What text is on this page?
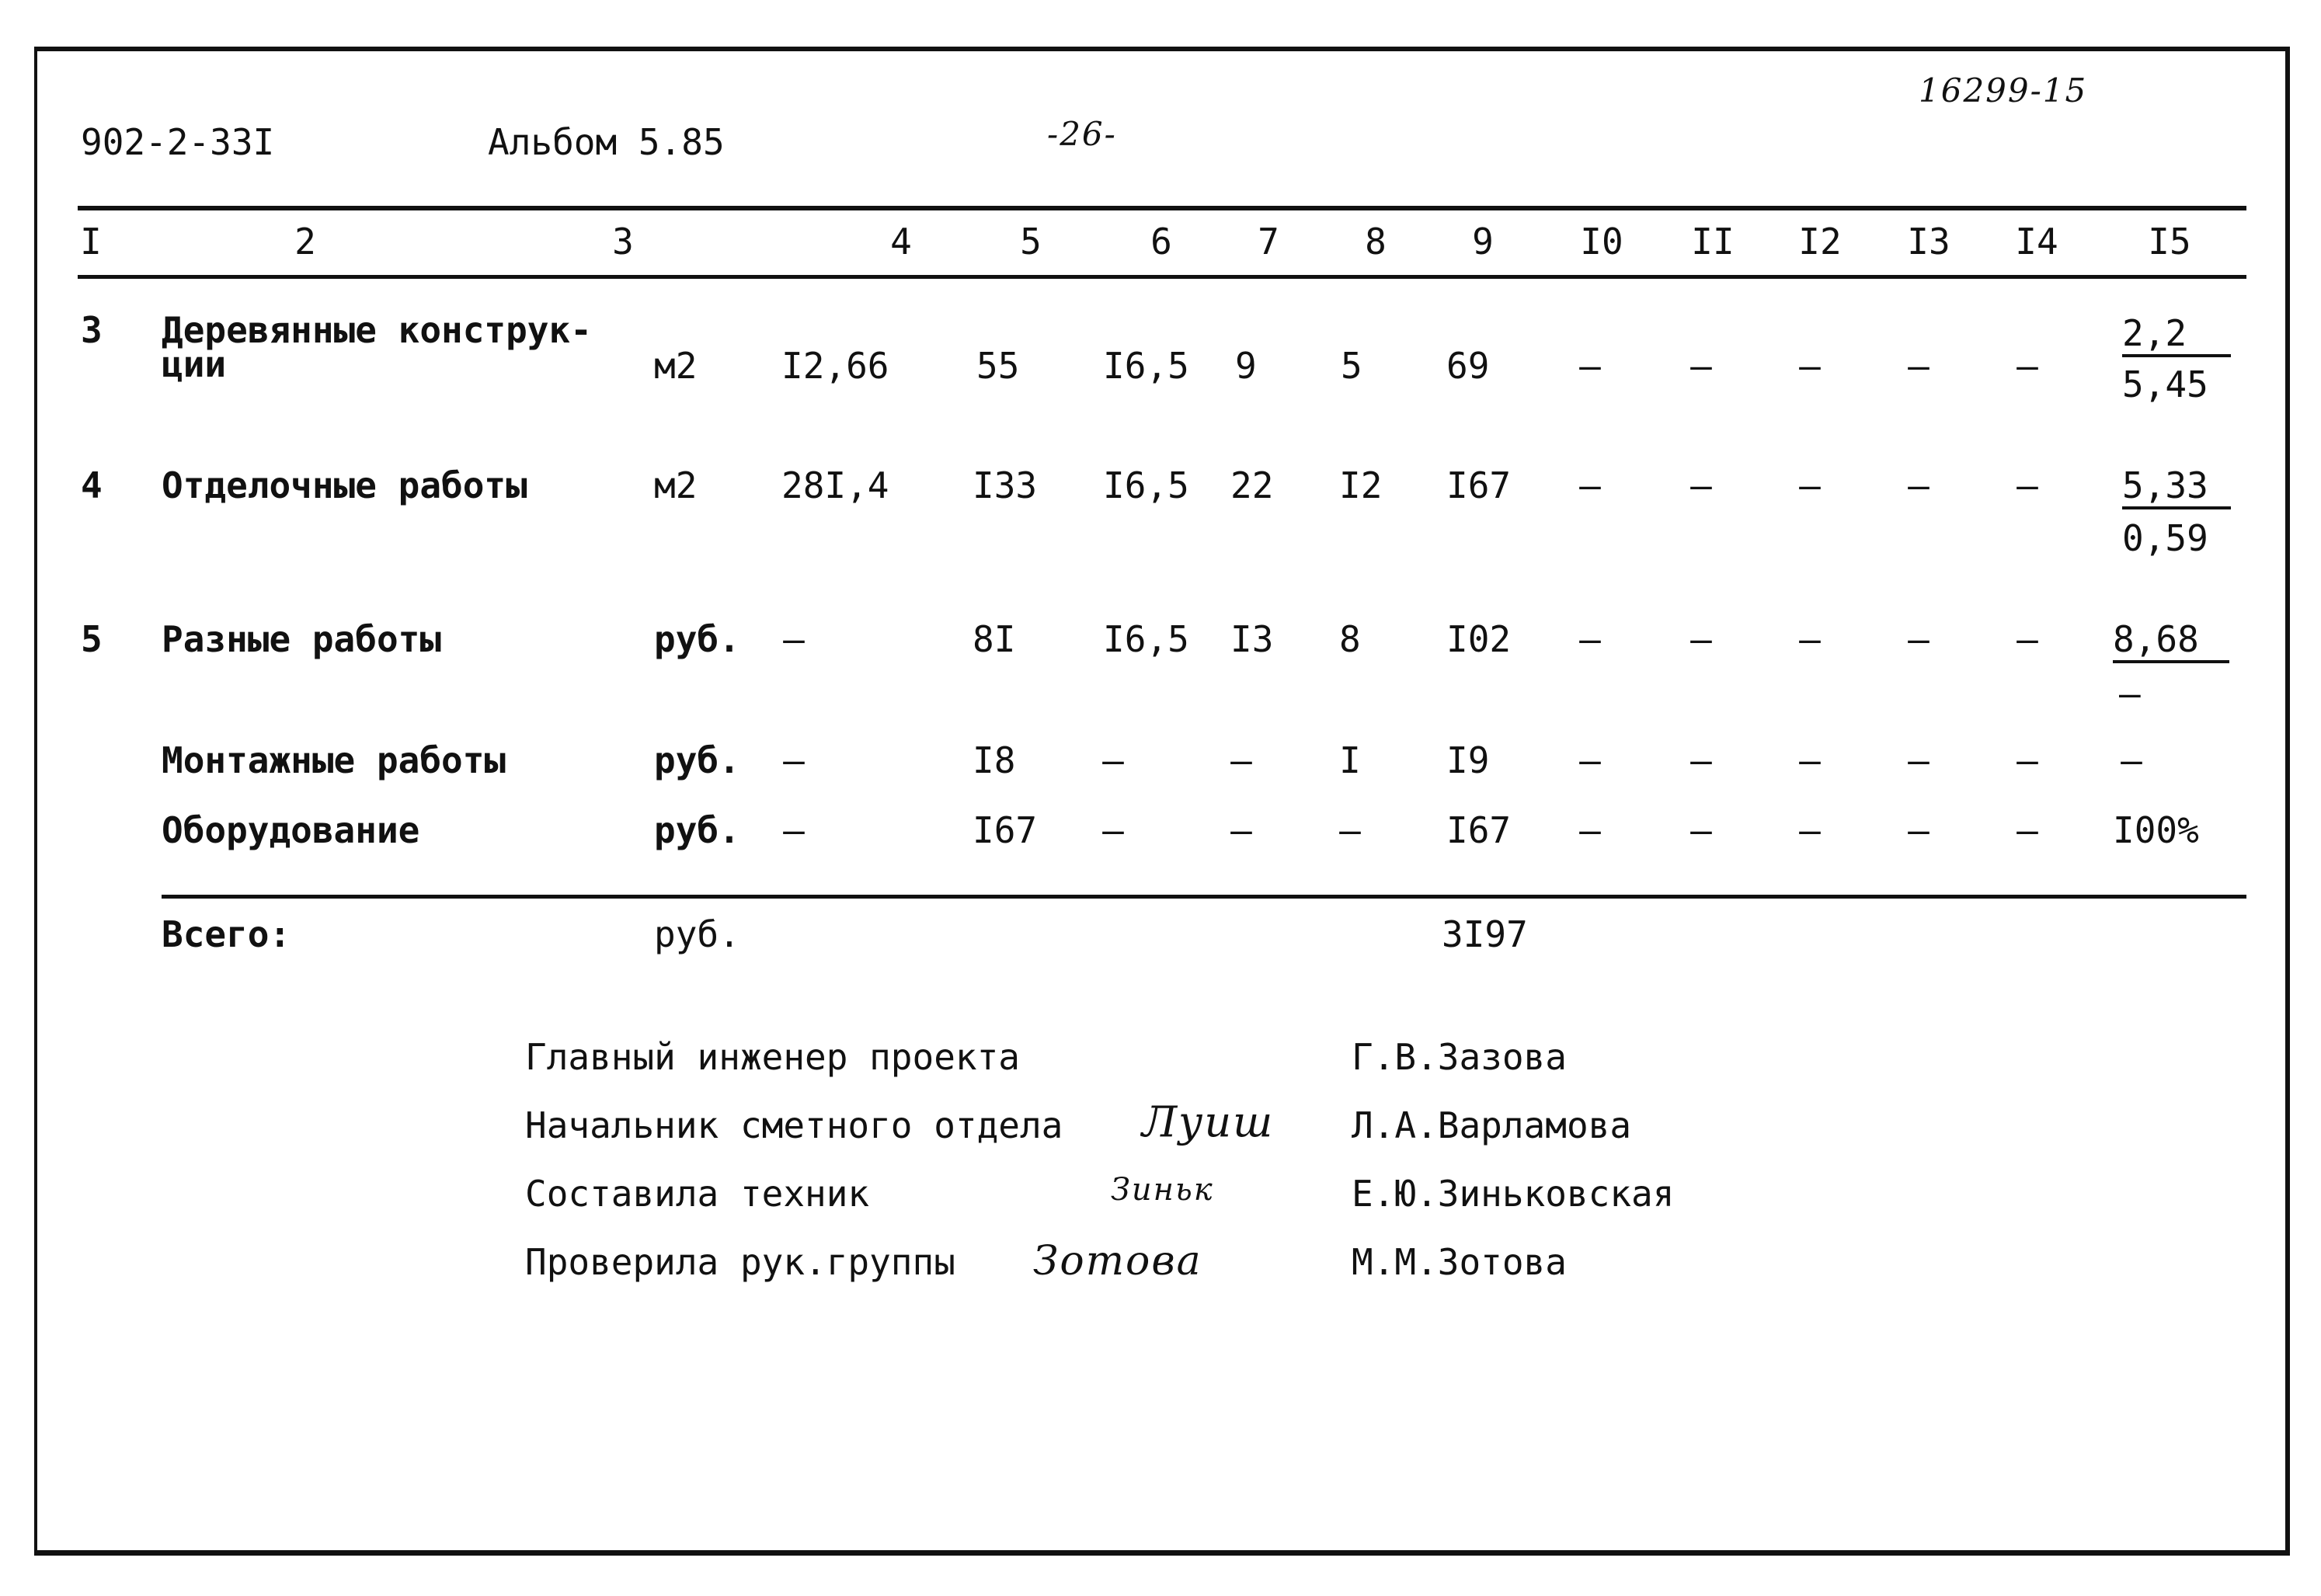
902-2-33I	Альбом 5.85	-26-
16299-15
I	2	3	4	5	6 7 8 9 I0 II I2 I3 I4	I5
3 Деревянные конструк-
ции	м2 I2,66 55 I6,5 9 5 69	–	– – – –
2,2
5,45
4 Отделочные работы	м2 28I,4 I33 I6,5 22 I2 I67 –	– – – – 5,33
0,59
5 Разные работы	руб. –	8I I6,5 I3 8 I02 –	– – – – 8,68
–
Монтажные работы	руб. –	I8 –	– I I9	–	– – – – –
Оборудование	руб. –	I67 –	– – I67 –	– – – – I00%
Всего:	руб.	3I97
Главный инженер проекта	Г.В.Зазова
Начальник сметного отдела Луиш Л.А.Варламова
Составила техник	Зиньк	Е.Ю.Зиньковская
Проверила рук.группы Зотова	М.М.Зотова
